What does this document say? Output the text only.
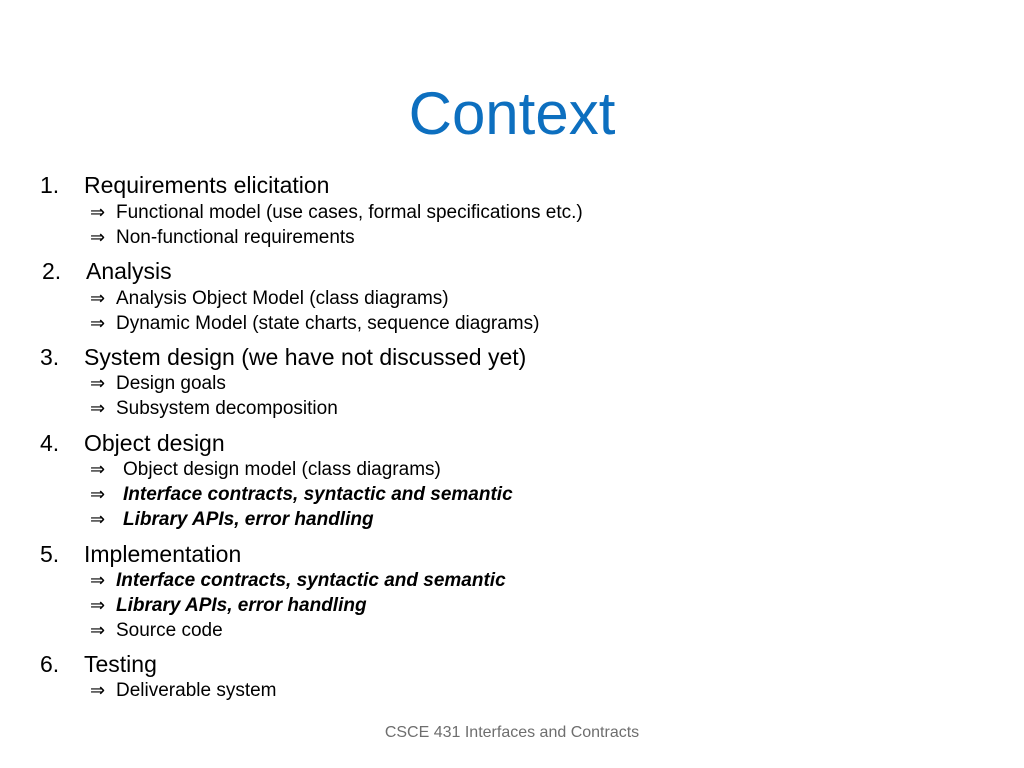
Context
1. Requirements elicitation
⇒ Functional model (use cases, formal specifications etc.)
⇒ Non-functional requirements
2. Analysis
⇒ Analysis Object Model (class diagrams)
⇒ Dynamic Model (state charts, sequence diagrams)
3. System design (we have not discussed yet)
⇒ Design goals
⇒ Subsystem decomposition
4. Object design
⇒ Object design model (class diagrams)
⇒ Interface contracts, syntactic and semantic
⇒ Library APIs, error handling
5. Implementation
⇒ Interface contracts, syntactic and semantic
⇒ Library APIs, error handling
⇒ Source code
6. Testing
⇒ Deliverable system
CSCE 431 Interfaces and Contracts
